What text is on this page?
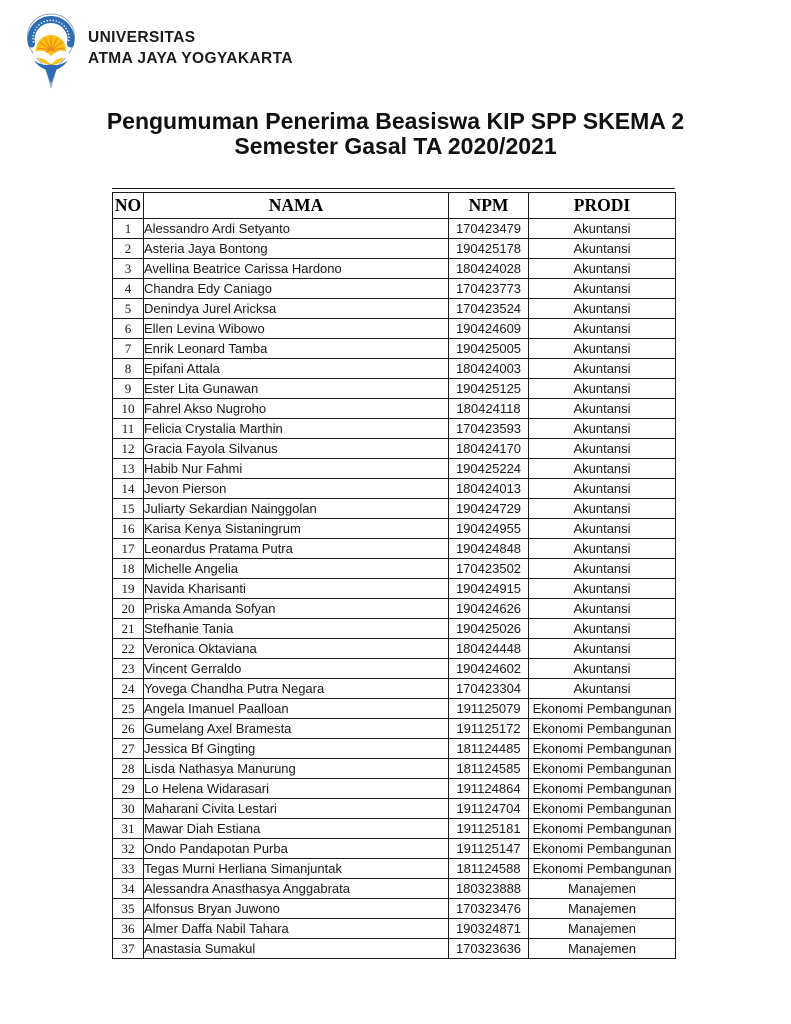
UNIVERSITAS
ATMA JAYA YOGYAKARTA
Pengumuman Penerima Beasiswa KIP SPP SKEMA 2
Semester Gasal TA 2020/2021
NO	NAMA	NPM	PRODI
1	Alessandro Ardi Setyanto	170423479	Akuntansi
2	Asteria Jaya Bontong	190425178	Akuntansi
3	Avellina Beatrice Carissa Hardono	180424028	Akuntansi
4	Chandra Edy Caniago	170423773	Akuntansi
5	Denindya Jurel Aricksa	170423524	Akuntansi
6	Ellen Levina Wibowo	190424609	Akuntansi
7	Enrik Leonard Tamba	190425005	Akuntansi
8	Epifani Attala	180424003	Akuntansi
9	Ester Lita Gunawan	190425125	Akuntansi
10	Fahrel Akso Nugroho	180424118	Akuntansi
11	Felicia Crystalia Marthin	170423593	Akuntansi
12	Gracia Fayola Silvanus	180424170	Akuntansi
13	Habib Nur Fahmi	190425224	Akuntansi
14	Jevon Pierson	180424013	Akuntansi
15	Juliarty Sekardian Nainggolan	190424729	Akuntansi
16	Karisa Kenya Sistaningrum	190424955	Akuntansi
17	Leonardus Pratama Putra	190424848	Akuntansi
18	Michelle Angelia	170423502	Akuntansi
19	Navida Kharisanti	190424915	Akuntansi
20	Priska Amanda Sofyan	190424626	Akuntansi
21	Stefhanie Tania	190425026	Akuntansi
22	Veronica Oktaviana	180424448	Akuntansi
23	Vincent Gerraldo	190424602	Akuntansi
24	Yovega Chandha Putra Negara	170423304	Akuntansi
25	Angela Imanuel Paalloan	191125079	Ekonomi Pembangunan
26	Gumelang Axel Bramesta	191125172	Ekonomi Pembangunan
27	Jessica Bf Gingting	181124485	Ekonomi Pembangunan
28	Lisda Nathasya Manurung	181124585	Ekonomi Pembangunan
29	Lo Helena Widarasari	191124864	Ekonomi Pembangunan
30	Maharani Civita Lestari	191124704	Ekonomi Pembangunan
31	Mawar Diah Estiana	191125181	Ekonomi Pembangunan
32	Ondo Pandapotan Purba	191125147	Ekonomi Pembangunan
33	Tegas Murni Herliana Simanjuntak	181124588	Ekonomi Pembangunan
34	Alessandra Anasthasya Anggabrata	180323888	Manajemen
35	Alfonsus Bryan Juwono	170323476	Manajemen
36	Almer Daffa Nabil Tahara	190324871	Manajemen
37	Anastasia Sumakul	170323636	Manajemen
